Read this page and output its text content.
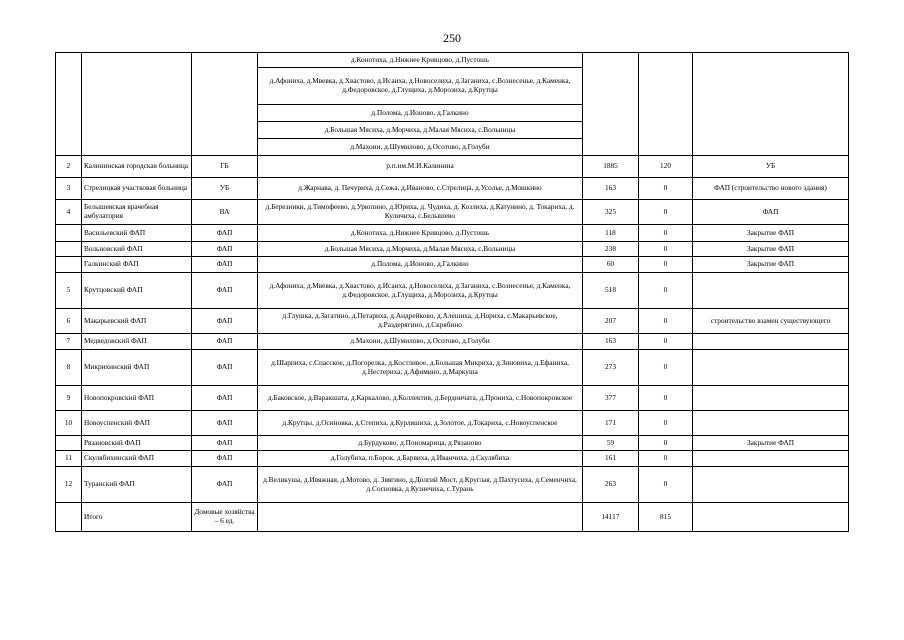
250
			д.Конотиха, д.Нижнее Кривцово, д.Пустошь			
			д.Афониха, д.Мвевка, д.Хвастово, д.Исаиха, д.Новоселиха, д.Заганиха, с.Вознесенье, д.Каменка, д.Федоровское, д.Глущиха, д.Морозиха, д.Крутцы			
			д.Полома, д.Ионово, д.Галкино			
			д.Большая Мясиха, д.Морчиха, д.Малая Мясиха, с.Вольницы			
			д.Махони, д.Шумилово, д.Осотово, д.Голуби			
2	Калининская городская больница	ГБ	р.п.им.М.И.Калинина	1885	120	УБ
3	Стрелицкая участковая больница	УБ	д.Жарнава, д. Печуриха, д.Сежа, д.Иваново, с.Стрелица, д.Усолье, д.Мошкино	163	0	ФАП (строительство нового здания)
4	Белышевская врачебная амбулатория	ВА	д.Березники, д.Тимофеево, д.Урюпино, д.Юриха, д. Чудиха, д. Козлиха, д.Катунино, д. Токариха, д. Куличиха, с.Белышево	325	0	ФАП
	Васильевский ФАП	ФАП	д.Конотиха, д.Нижнее Кривцово, д.Пустошь	118	0	Закрытие ФАП
	Вольновский ФАП	ФАП	д.Большая Мясиха, д.Морчиха, д.Малая Мясиха, с.Вольницы	238	0	Закрытие ФАП
	Галкинский ФАП	ФАП	д.Полома, д.Ионово, д.Галкино	60	0	Закрытие ФАП
5	Крутцовский ФАП	ФАП	д.Афониха, д.Мвевка, д.Хвастово, д.Исаиха, д.Новоселиха, д.Заганиха, с.Вознесенье, д.Каменка, д.Федоровское, д.Глущиха, д.Морозиха, д.Крутцы	518	0	
6	Макарьевский ФАП	ФАП	д.Глушка, д.Загатино, д.Петариха, д.Андрейково, д.Алешиха, д.Нориха, с.Макарьевское, д.Раздерягино, д.Скрябино	207	0	строительство взамен существующего
7	Медведовский ФАП	ФАП	д.Махони, д.Шумилово, д.Осотово, д.Голуби	163	0	
8	Микрихинский ФАП	ФАП	д.Шарпиха, с.Спасское, д.Погорелка, д.Костливое, д.Большая Микриха, д.Зиновиха, д.Ефаниха, д.Нестериха, д.Афимино, д.Маркуша	273	0	
9	Новопокровский ФАП	ФАП	д.Баковское, д.Варакшата, д.Каркалово, д.Коллектив, д.Бердничата, д.Прониха, с.Новопокровское	377	0	
10	Новоуспенский ФАП	ФАП	д.Крутцы, д.Осиновка, д.Степиха, д.Курляшиха, д.Золотое, д.Токариха, с.Новоуспенское	171	0	
	Рязановский ФАП	ФАП	д.Бурдуково, д.Пономарица, д.Рязаново	59	0	Закрытие ФАП
11	Скулябихинский ФАП	ФАП	д.Голубиха, п.Борок, д.Барвиха, д.Иванчиха, д.Скулябиха	161	0	
12	Туранский ФАП	ФАП	д.Великуша, д.Ивяжная, д.Мотово, д. Звягино, д.Долгий Мост, д.Круглая, д.Пахтусиха, д.Семенчиха, д.Сосновка, д.Кузнечиха, с.Турань	263	0	
	Итого	Домовые хозяйства – 6 ед.		14117	815	
